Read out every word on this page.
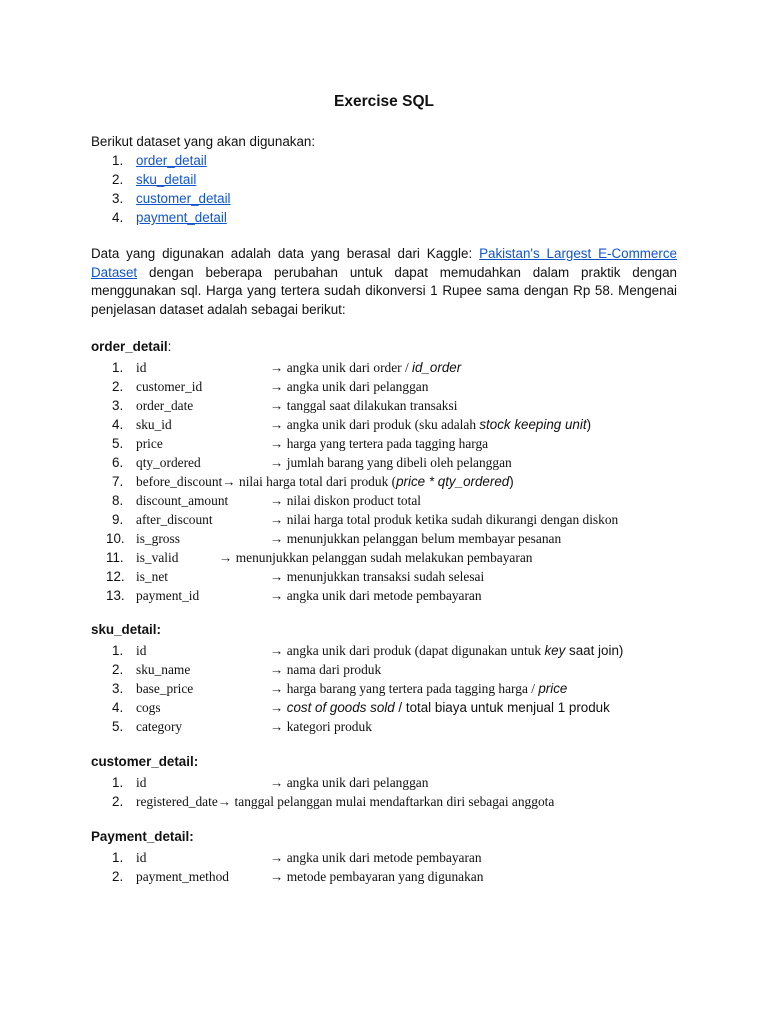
Exercise SQL
Berikut dataset yang akan digunakan:
1. order_detail
2. sku_detail
3. customer_detail
4. payment_detail
Data yang digunakan adalah data yang berasal dari Kaggle: Pakistan's Largest E-Commerce Dataset dengan beberapa perubahan untuk dapat memudahkan dalam praktik dengan menggunakan sql. Harga yang tertera sudah dikonversi 1 Rupee sama dengan Rp 58. Mengenai penjelasan dataset adalah sebagai berikut:
order_detail:
1. id	→ angka unik dari order / id_order
2. customer_id	→ angka unik dari pelanggan
3. order_date	→ tanggal saat dilakukan transaksi
4. sku_id	→ angka unik dari produk (sku adalah stock keeping unit)
5. price	→ harga yang tertera pada tagging harga
6. qty_ordered	→ jumlah barang yang dibeli oleh pelanggan
7. before_discount→ nilai harga total dari produk (price * qty_ordered)
8. discount_amount	→ nilai diskon product total
9. after_discount	→ nilai harga total produk ketika sudah dikurangi dengan diskon
10. is_gross	→ menunjukkan pelanggan belum membayar pesanan
11. is_valid	→ menunjukkan pelanggan sudah melakukan pembayaran
12. is_net	→ menunjukkan transaksi sudah selesai
13. payment_id	→ angka unik dari metode pembayaran
sku_detail:
1. id	→ angka unik dari produk (dapat digunakan untuk key saat join)
2. sku_name	→ nama dari produk
3. base_price	→ harga barang yang tertera pada tagging harga / price
4. cogs	→ cost of goods sold / total biaya untuk menjual 1 produk
5. category	→ kategori produk
customer_detail:
1. id	→ angka unik dari pelanggan
2. registered_date→ tanggal pelanggan mulai mendaftarkan diri sebagai anggota
Payment_detail:
1. id	→ angka unik dari metode pembayaran
2. payment_method	→ metode pembayaran yang digunakan
